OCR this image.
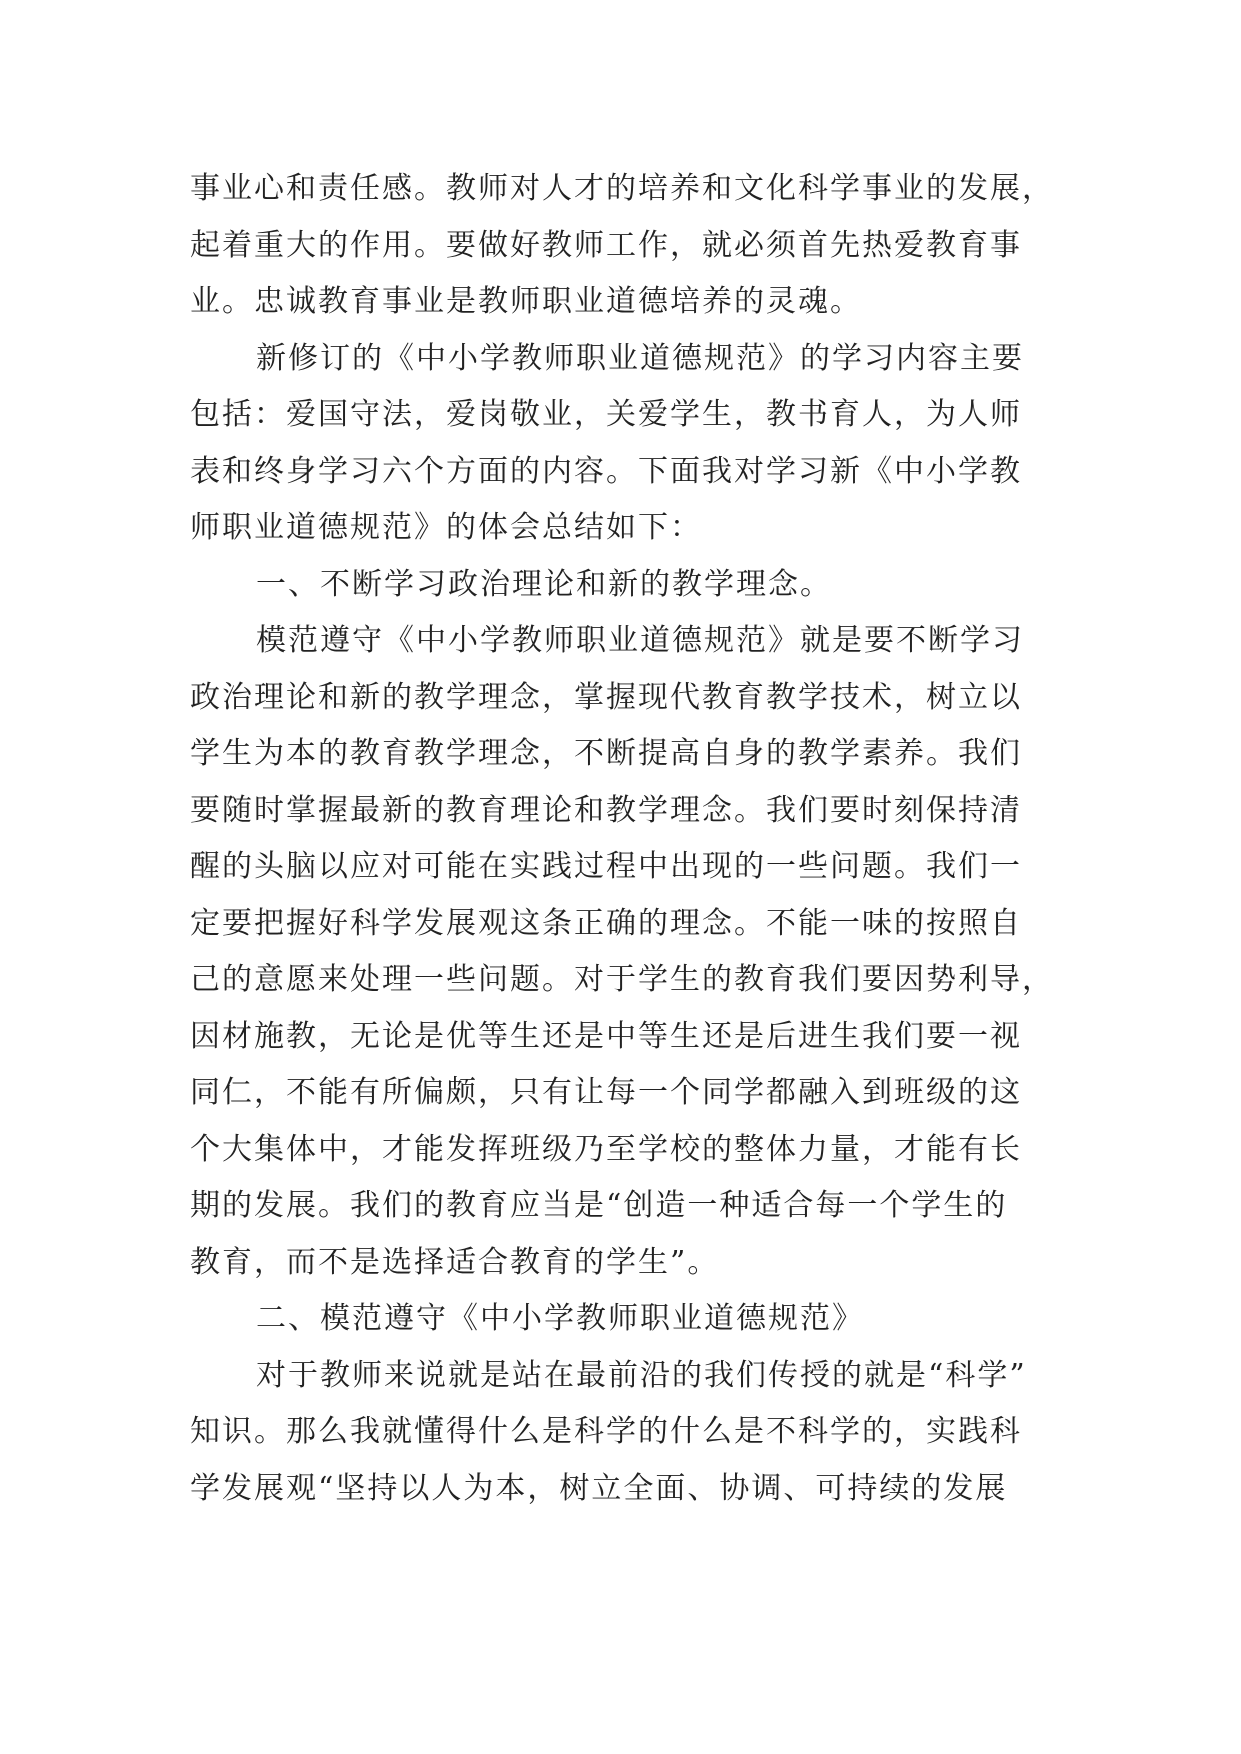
事业心和责任感。教师对人才的培养和文化科学事业的发展，
起着重大的作用。要做好教师工作，就必须首先热爱教育事
业。忠诚教育事业是教师职业道德培养的灵魂。
新修订的《中小学教师职业道德规范》的学习内容主要
包括：爱国守法，爱岗敬业，关爱学生，教书育人，为人师
表和终身学习六个方面的内容。下面我对学习新《中小学教
师职业道德规范》的体会总结如下：
一、不断学习政治理论和新的教学理念。
模范遵守《中小学教师职业道德规范》就是要不断学习
政治理论和新的教学理念，掌握现代教育教学技术，树立以
学生为本的教育教学理念，不断提高自身的教学素养。我们
要随时掌握最新的教育理论和教学理念。我们要时刻保持清
醒的头脑以应对可能在实践过程中出现的一些问题。我们一
定要把握好科学发展观这条正确的理念。不能一味的按照自
己的意愿来处理一些问题。对于学生的教育我们要因势利导，
因材施教，无论是优等生还是中等生还是后进生我们要一视
同仁，不能有所偏颇，只有让每一个同学都融入到班级的这
个大集体中，才能发挥班级乃至学校的整体力量，才能有长
期的发展。我们的教育应当是“创造一种适合每一个学生的
教育，而不是选择适合教育的学生”。
二、模范遵守《中小学教师职业道德规范》
对于教师来说就是站在最前沿的我们传授的就是“科学”
知识。那么我就懂得什么是科学的什么是不科学的，实践科
学发展观“坚持以人为本，树立全面、协调、可持续的发展
